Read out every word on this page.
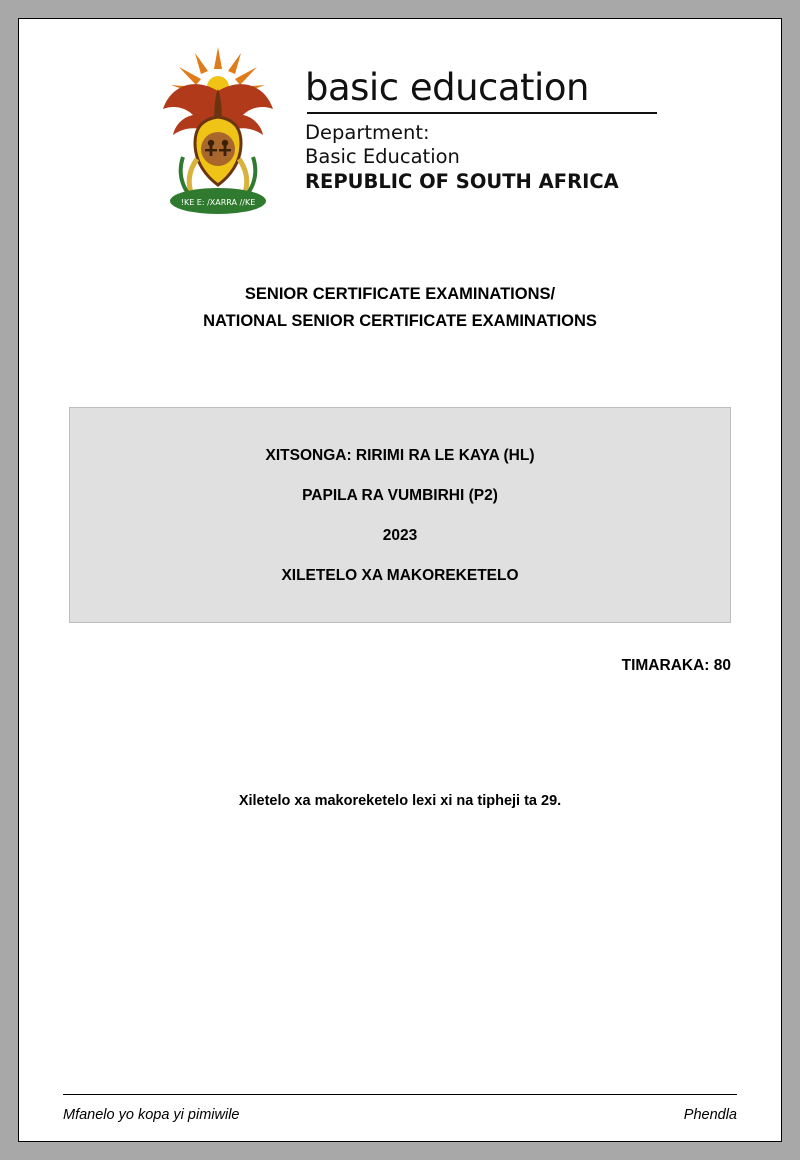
!KE E: /XARRA //KE
basic education
Department:
Basic Education
REPUBLIC OF SOUTH AFRICA
SENIOR CERTIFICATE EXAMINATIONS/
NATIONAL SENIOR CERTIFICATE EXAMINATIONS
XITSONGA: RIRIMI RA LE KAYA (HL)
PAPILA RA VUMBIRHI (P2)
2023
XILETELO XA MAKOREKETELO
TIMARAKA: 80
Xiletelo xa makoreketelo lexi xi na tipheji ta 29.
Mfanelo yo kopa yi pimiwile	Phendla
